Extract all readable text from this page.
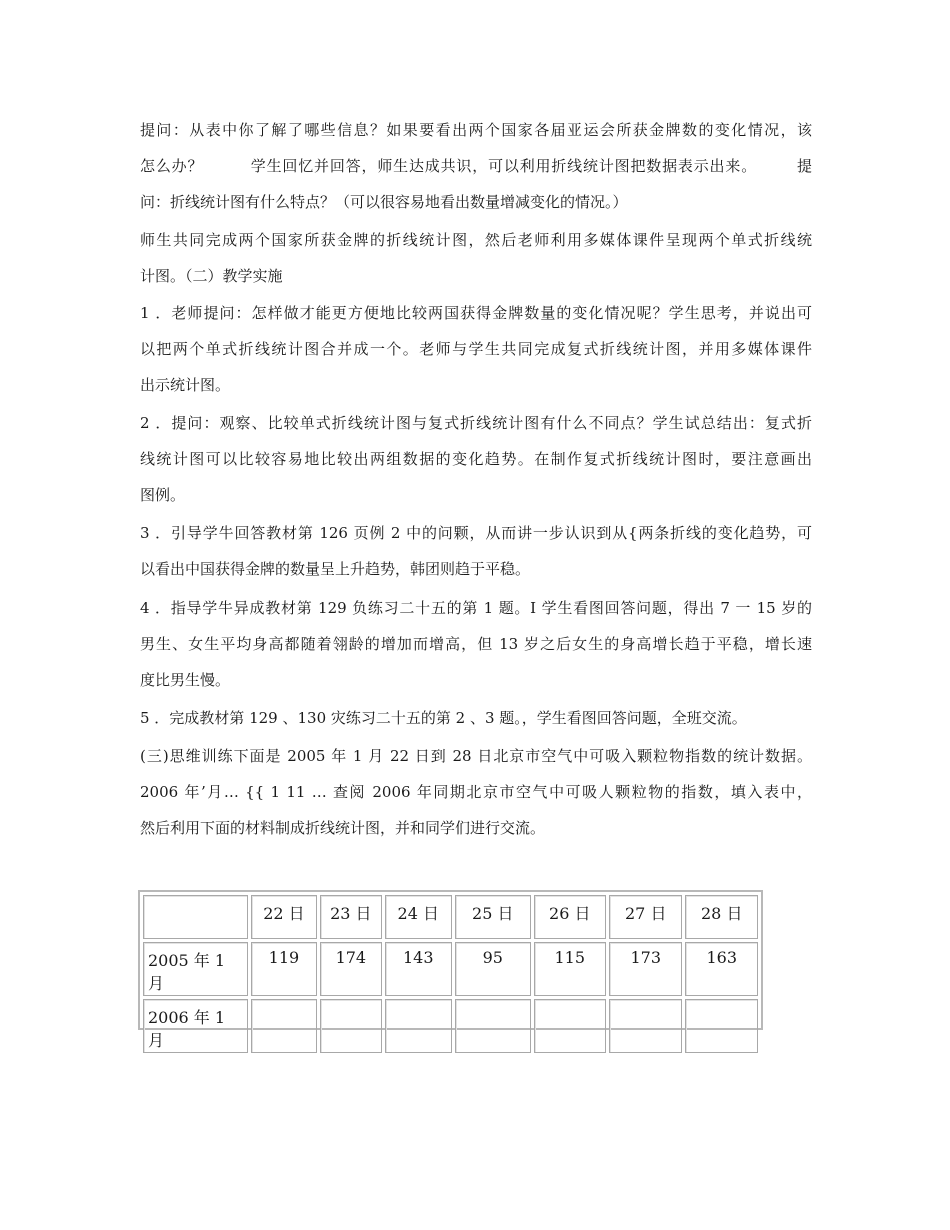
提问：从表中你了解了哪些信息？如果要看出两个国家各届亚运会所获金牌数的变化情况，该
怎么办？　　　学生回忆并回答，师生达成共识，可以利用折线统计图把数据表示出来。　　　提
问：折线统计图有什么特点？（可以很容易地看出数量增减变化的情况。）
师生共同完成两个国家所获金牌的折线统计图，然后老师利用多媒体课件呈现两个单式折线统
计图。（二）教学实施
1 ．老师提问：怎样做才能更方便地比较两国获得金牌数量的变化情况呢？学生思考，并说出可
以把两个单式折线统计图合并成一个。老师与学生共同完成复式折线统计图，并用多媒体课件
出示统计图。
2 ．提问：观察、比较单式折线统计图与复式折线统计图有什么不同点？学生试总结出：复式折
线统计图可以比较容易地比较出两组数据的变化趋势。在制作复式折线统计图时，要注意画出
图例。
3 ．引导学牛回答教材第 126 页例 2 中的问颗，从而讲一步认识到从{两条折线的变化趋势，可
以看出中国获得金牌的数量呈上升趋势，韩团则趋于平稳。
4 ．指导学牛异成教材第 129 负练习二十五的第 1 题。I 学生看图回答问题，得出 7 一 15 岁的
男生、女生平均身高都随着翎龄的增加而增高，但 13 岁之后女生的身高增长趋于平稳，增长速
度比男生慢。
5 ．完成教材第 129 、130 灾练习二十五的第 2 、3 题。，学生看图回答问题，全班交流。
(三)思维训练下面是 2005 年 1 月 22 日到 28 日北京市空气中可吸入颗粒物指数的统计数据。
2006 年’月… {{ 1 11 … 查阅 2006 年同期北京市空气中可吸人颗粒物的指数，填入表中，
然后利用下面的材料制成折线统计图，并和同学们进行交流。
	22 日	23 日	24 日	25 日	26 日	27 日	28 日
2005 年 1 月	119	174	143	95	115	173	163
2006 年 1 月							
